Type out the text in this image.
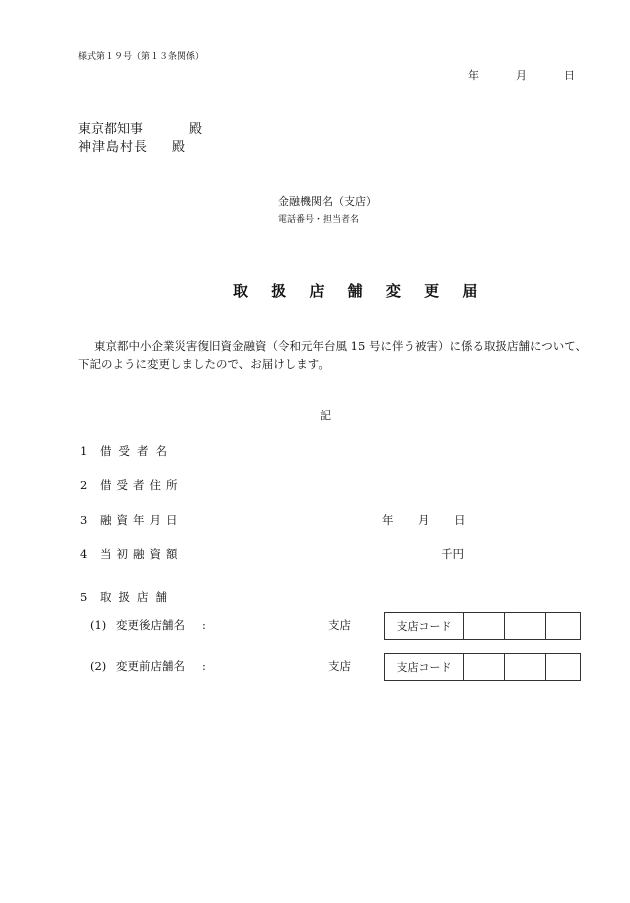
様式第１９号（第１３条関係）
年	月	日
東京都知事	殿
神津島村長 殿
金融機関名（支店）
電話番号・担当者名
取 扱 店 舗 変 更 届
東京都中小企業災害復旧資金融資（令和元年台風 15 号に伴う被害）に係る取扱店舗について、
下記のように変更しましたので、お届けします。
記
1 借受者名
2 借受者住所
3 融資年月日	年 月 日
4 当初融資額	千円
5 取扱店舗
(1) 変更後店舗名 :	支店	支店コード
(2) 変更前店舗名 :	支店	支店コード
